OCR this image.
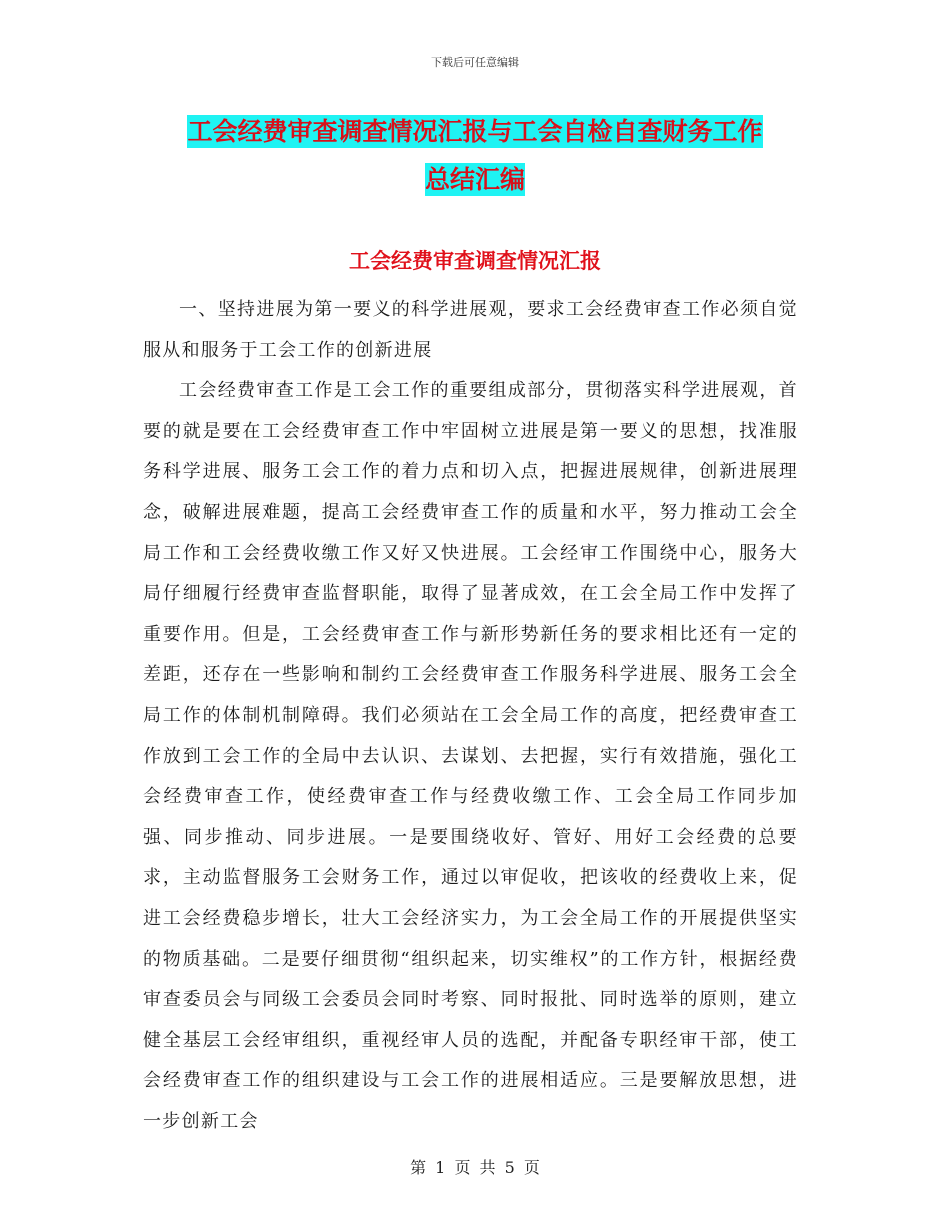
下载后可任意编辑
工会经费审查调查情况汇报与工会自检自查财务工作
总结汇编
工会经费审查调查情况汇报

一、坚持进展为第一要义的科学进展观，要求工会经费审查工作必须自觉服从和服务于工会工作的创新进展

工会经费审查工作是工会工作的重要组成部分，贯彻落实科学进展观，首要的就是要在工会经费审查工作中牢固树立进展是第一要义的思想，找准服务科学进展、服务工会工作的着力点和切入点，把握进展规律，创新进展理念，破解进展难题，提高工会经费审查工作的质量和水平，努力推动工会全局工作和工会经费收缴工作又好又快进展。工会经审工作围绕中心，服务大局仔细履行经费审查监督职能，取得了显著成效，在工会全局工作中发挥了重要作用。但是，工会经费审查工作与新形势新任务的要求相比还有一定的差距，还存在一些影响和制约工会经费审查工作服务科学进展、服务工会全局工作的体制机制障碍。我们必须站在工会全局工作的高度，把经费审查工作放到工会工作的全局中去认识、去谋划、去把握，实行有效措施，强化工会经费审查工作，使经费审查工作与经费收缴工作、工会全局工作同步加强、同步推动、同步进展。一是要围绕收好、管好、用好工会经费的总要求，主动监督服务工会财务工作，通过以审促收，把该收的经费收上来，促进工会经费稳步增长，壮大工会经济实力，为工会全局工作的开展提供坚实的物质基础。二是要仔细贯彻“组织起来，切实维权”的工作方针，根据经费审查委员会与同级工会委员会同时考察、同时报批、同时选举的原则，建立健全基层工会经审组织，重视经审人员的选配，并配备专职经审干部，使工会经费审查工作的组织建设与工会工作的进展相适应。三是要解放思想，进一步创新工会

第 1 页 共 5 页
